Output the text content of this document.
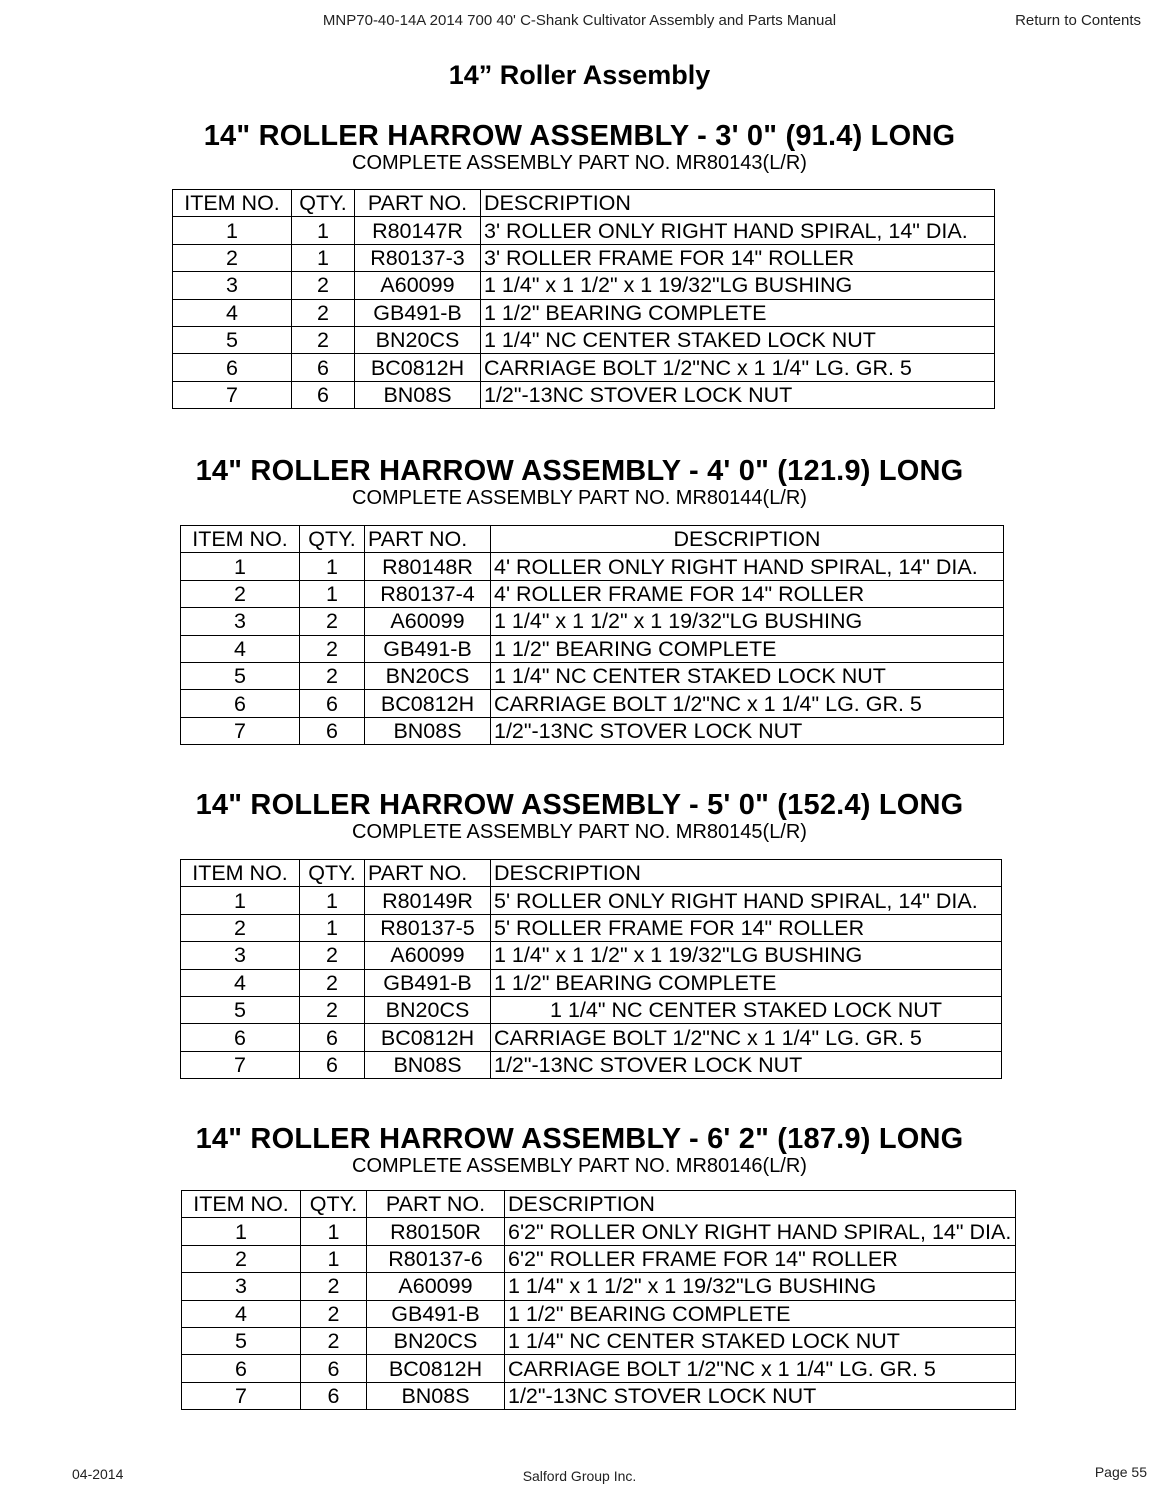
MNP70-40-14A 2014 700 40' C-Shank Cultivator Assembly and Parts Manual	Return to Contents
14” Roller Assembly
14" ROLLER HARROW ASSEMBLY - 3' 0" (91.4) LONG
COMPLETE ASSEMBLY PART NO. MR80143(L/R)
ITEM NO.	QTY.	PART NO.	DESCRIPTION
1	1	R80147R	3' ROLLER ONLY RIGHT HAND SPIRAL, 14" DIA.
2	1	R80137-3	3' ROLLER FRAME FOR 14" ROLLER
3	2	A60099	1 1/4" x 1 1/2" x 1 19/32"LG BUSHING
4	2	GB491-B	1 1/2" BEARING COMPLETE
5	2	BN20CS	1 1/4" NC CENTER STAKED LOCK NUT
6	6	BC0812H	CARRIAGE BOLT 1/2"NC x 1 1/4" LG. GR. 5
7	6	BN08S	1/2"-13NC STOVER LOCK NUT
14" ROLLER HARROW ASSEMBLY - 4' 0" (121.9) LONG
COMPLETE ASSEMBLY PART NO. MR80144(L/R)
ITEM NO.	QTY.	PART NO.	DESCRIPTION
1	1	R80148R	4' ROLLER ONLY RIGHT HAND SPIRAL, 14" DIA.
2	1	R80137-4	4' ROLLER FRAME FOR 14" ROLLER
3	2	A60099	1 1/4" x 1 1/2" x 1 19/32"LG BUSHING
4	2	GB491-B	1 1/2" BEARING COMPLETE
5	2	BN20CS	1 1/4" NC CENTER STAKED LOCK NUT
6	6	BC0812H	CARRIAGE BOLT 1/2"NC x 1 1/4" LG. GR. 5
7	6	BN08S	1/2"-13NC STOVER LOCK NUT
14" ROLLER HARROW ASSEMBLY - 5' 0" (152.4) LONG
COMPLETE ASSEMBLY PART NO. MR80145(L/R)
ITEM NO.	QTY.	PART NO.	DESCRIPTION
1	1	R80149R	5' ROLLER ONLY RIGHT HAND SPIRAL, 14" DIA.
2	1	R80137-5	5' ROLLER FRAME FOR 14" ROLLER
3	2	A60099	1 1/4" x 1 1/2" x 1 19/32"LG BUSHING
4	2	GB491-B	1 1/2" BEARING COMPLETE
5	2	BN20CS	1 1/4" NC CENTER STAKED LOCK NUT
6	6	BC0812H	CARRIAGE BOLT 1/2"NC x 1 1/4" LG. GR. 5
7	6	BN08S	1/2"-13NC STOVER LOCK NUT
14" ROLLER HARROW ASSEMBLY - 6' 2" (187.9) LONG
COMPLETE ASSEMBLY PART NO. MR80146(L/R)
ITEM NO.	QTY.	PART NO.	DESCRIPTION
1	1	R80150R	6'2" ROLLER ONLY RIGHT HAND SPIRAL, 14" DIA.
2	1	R80137-6	6'2" ROLLER FRAME FOR 14" ROLLER
3	2	A60099	1 1/4" x 1 1/2" x 1 19/32"LG BUSHING
4	2	GB491-B	1 1/2" BEARING COMPLETE
5	2	BN20CS	1 1/4" NC CENTER STAKED LOCK NUT
6	6	BC0812H	CARRIAGE BOLT 1/2"NC x 1 1/4" LG. GR. 5
7	6	BN08S	1/2"-13NC STOVER LOCK NUT
04-2014	Salford Group Inc.	Page 55
